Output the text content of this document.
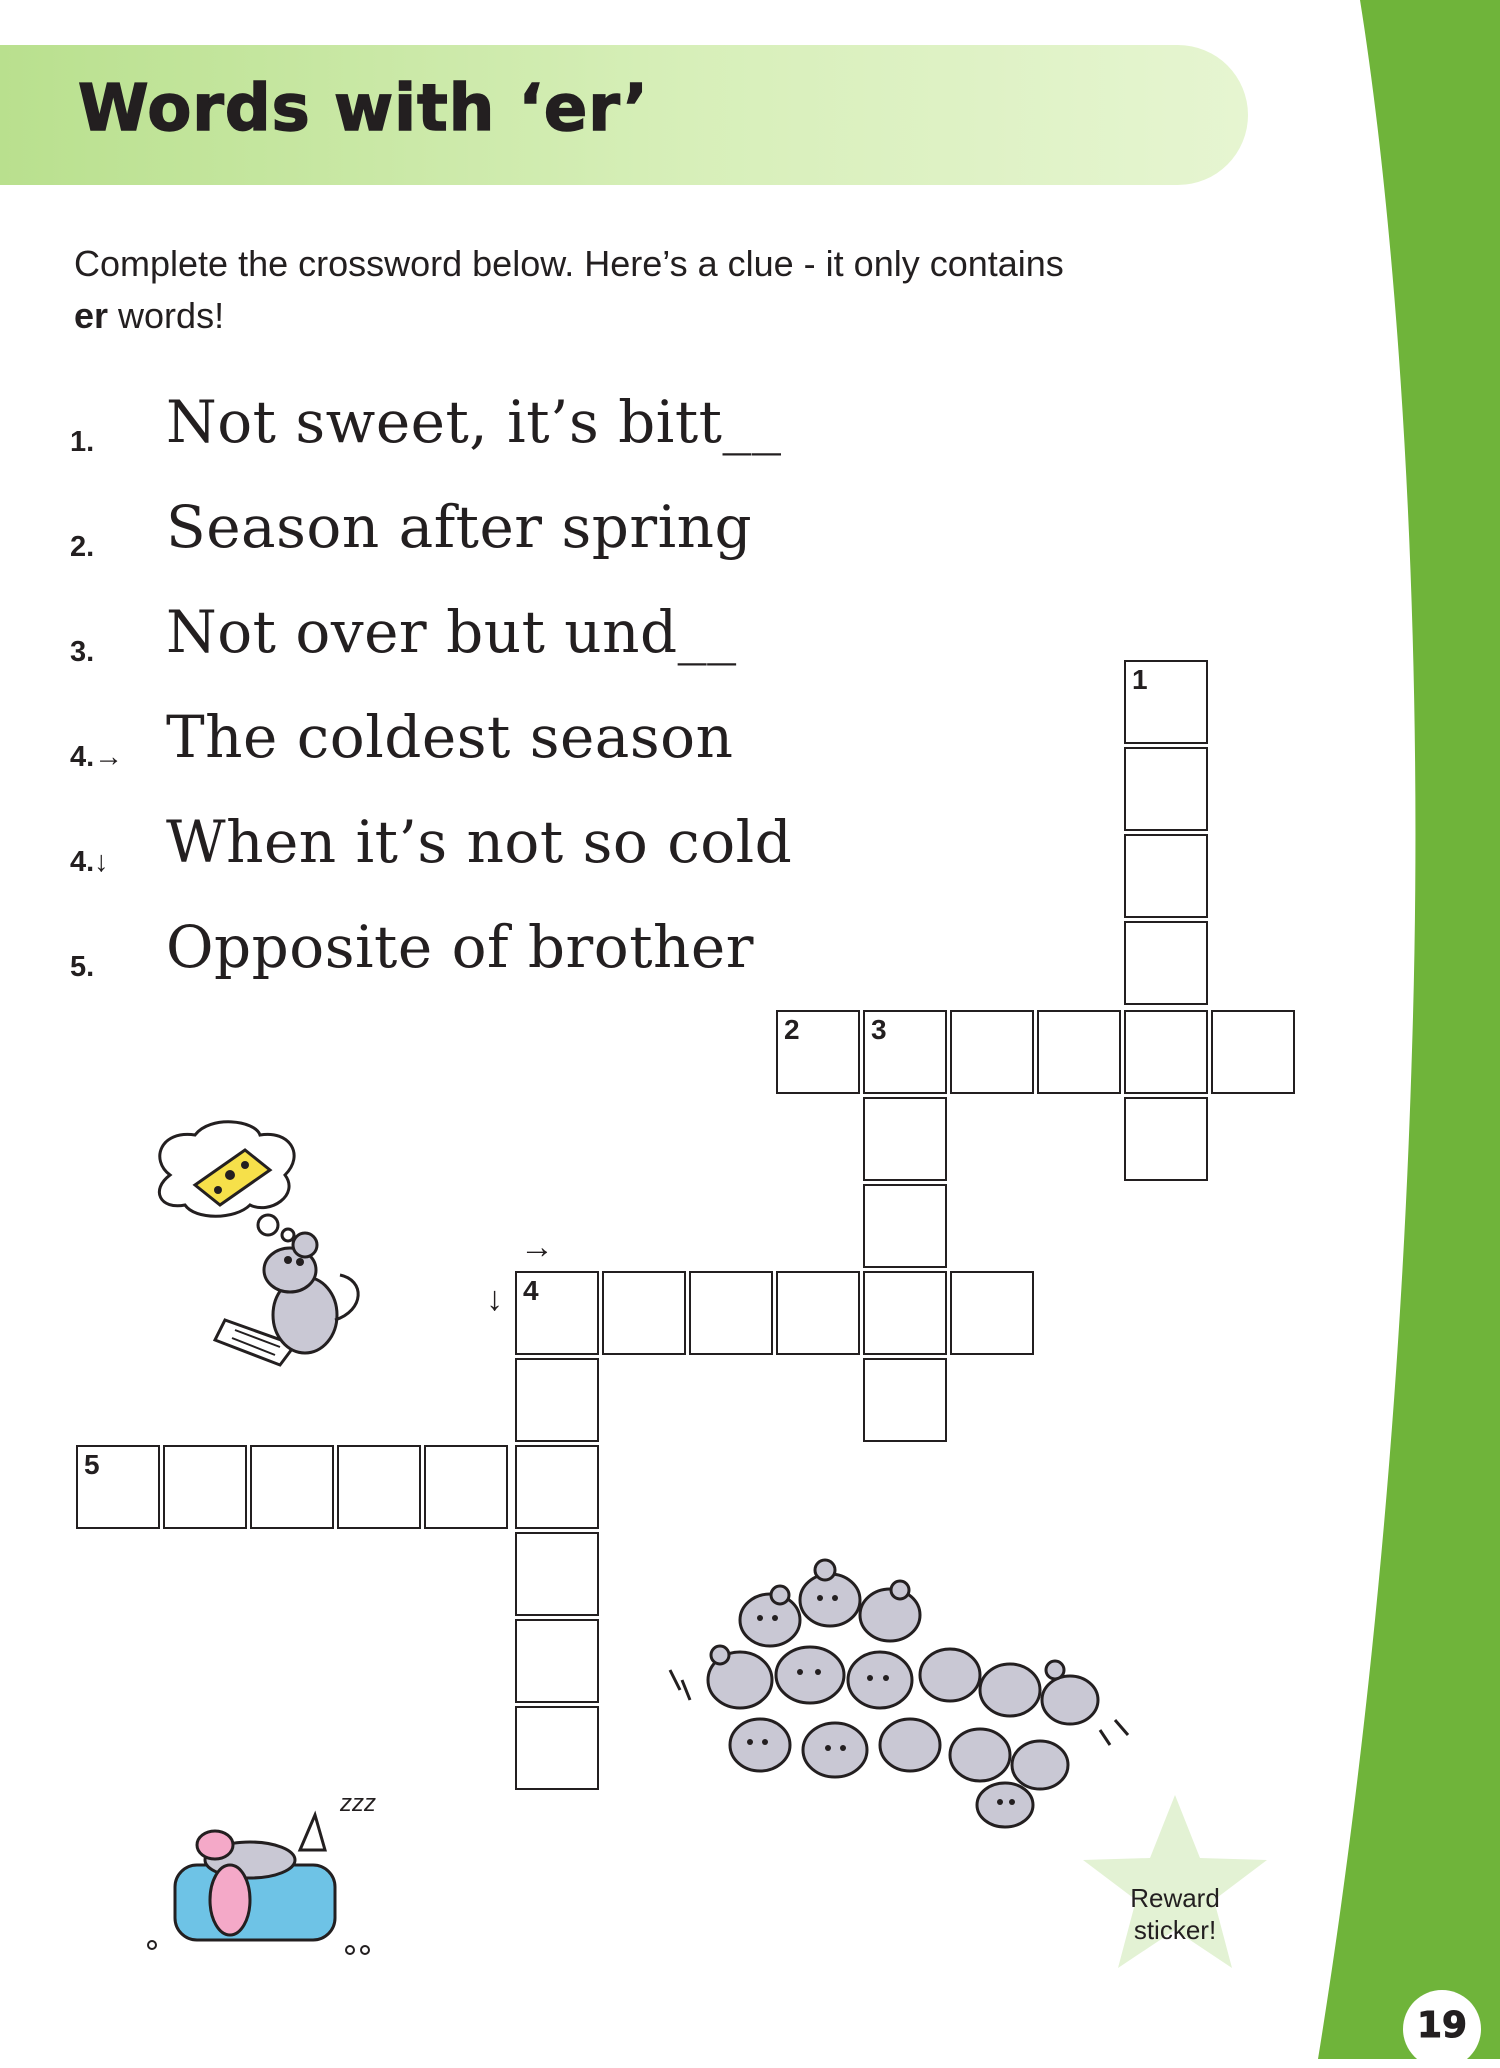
Words with ‘er’
Complete the crossword below. Here’s a clue - it only contains
er words!
1. Not sweet, it’s bitt__
2. Season after spring
3. Not over but und__
4.→ The coldest season
4.↓ When it’s not so cold
5. Opposite of brother
1
2	3
4
5
→
↓
zzz
Reward
sticker!
19
